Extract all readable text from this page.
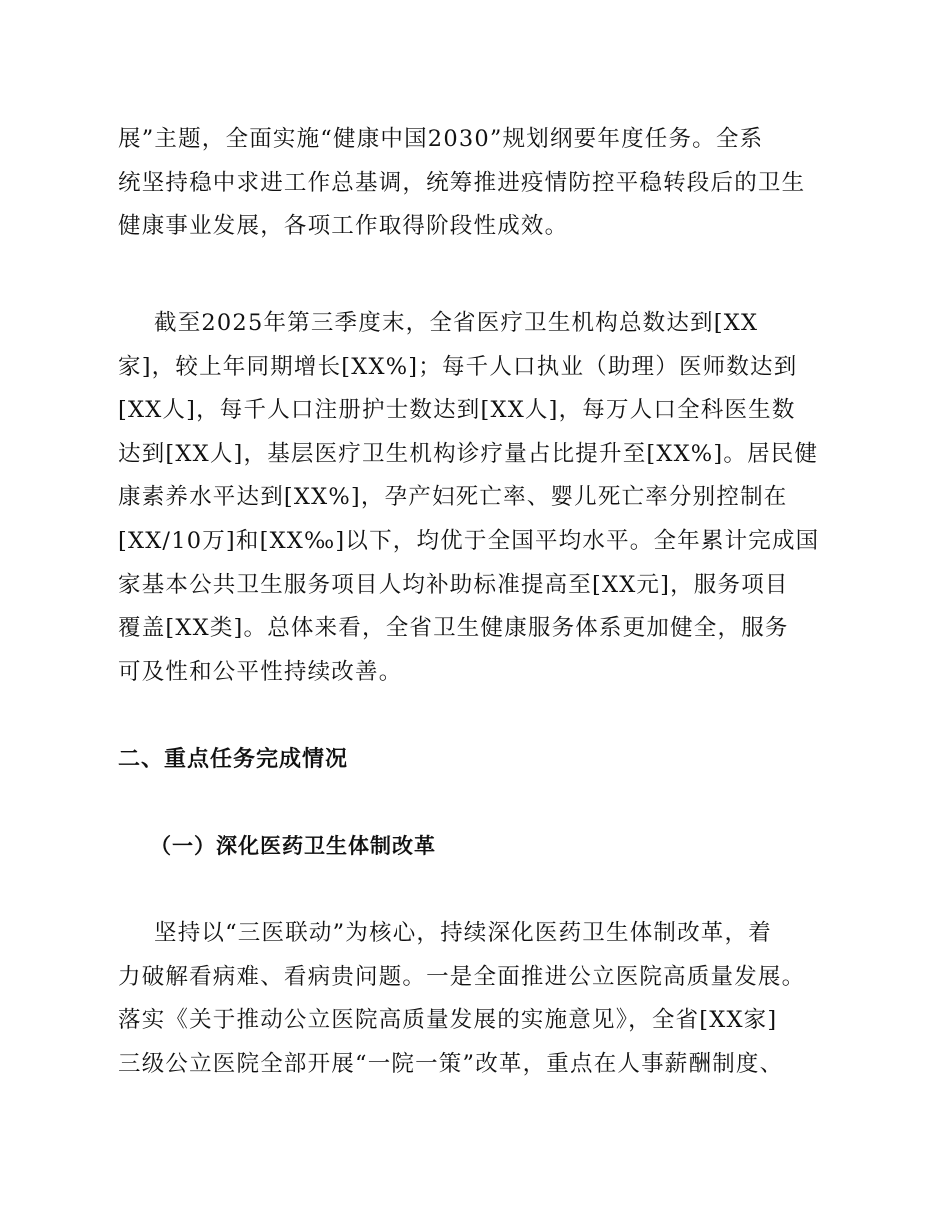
展”主题，全面实施“健康中国2030”规划纲要年度任务。全系
统坚持稳中求进工作总基调，统筹推进疫情防控平稳转段后的卫生
健康事业发展，各项工作取得阶段性成效。

截至2025年第三季度末，全省医疗卫生机构总数达到[XX
家]，较上年同期增长[XX%]；每千人口执业（助理）医师数达到
[XX人]，每千人口注册护士数达到[XX人]，每万人口全科医生数
达到[XX人]，基层医疗卫生机构诊疗量占比提升至[XX%]。居民健
康素养水平达到[XX%]，孕产妇死亡率、婴儿死亡率分别控制在
[XX/10万]和[XX‰]以下，均优于全国平均水平。全年累计完成国
家基本公共卫生服务项目人均补助标准提高至[XX元]，服务项目
覆盖[XX类]。总体来看，全省卫生健康服务体系更加健全，服务
可及性和公平性持续改善。

二、重点任务完成情况
（一）深化医药卫生体制改革

坚持以“三医联动”为核心，持续深化医药卫生体制改革，着
力破解看病难、看病贵问题。一是全面推进公立医院高质量发展。
落实《关于推动公立医院高质量发展的实施意见》，全省[XX家]
三级公立医院全部开展“一院一策”改革，重点在人事薪酬制度、
